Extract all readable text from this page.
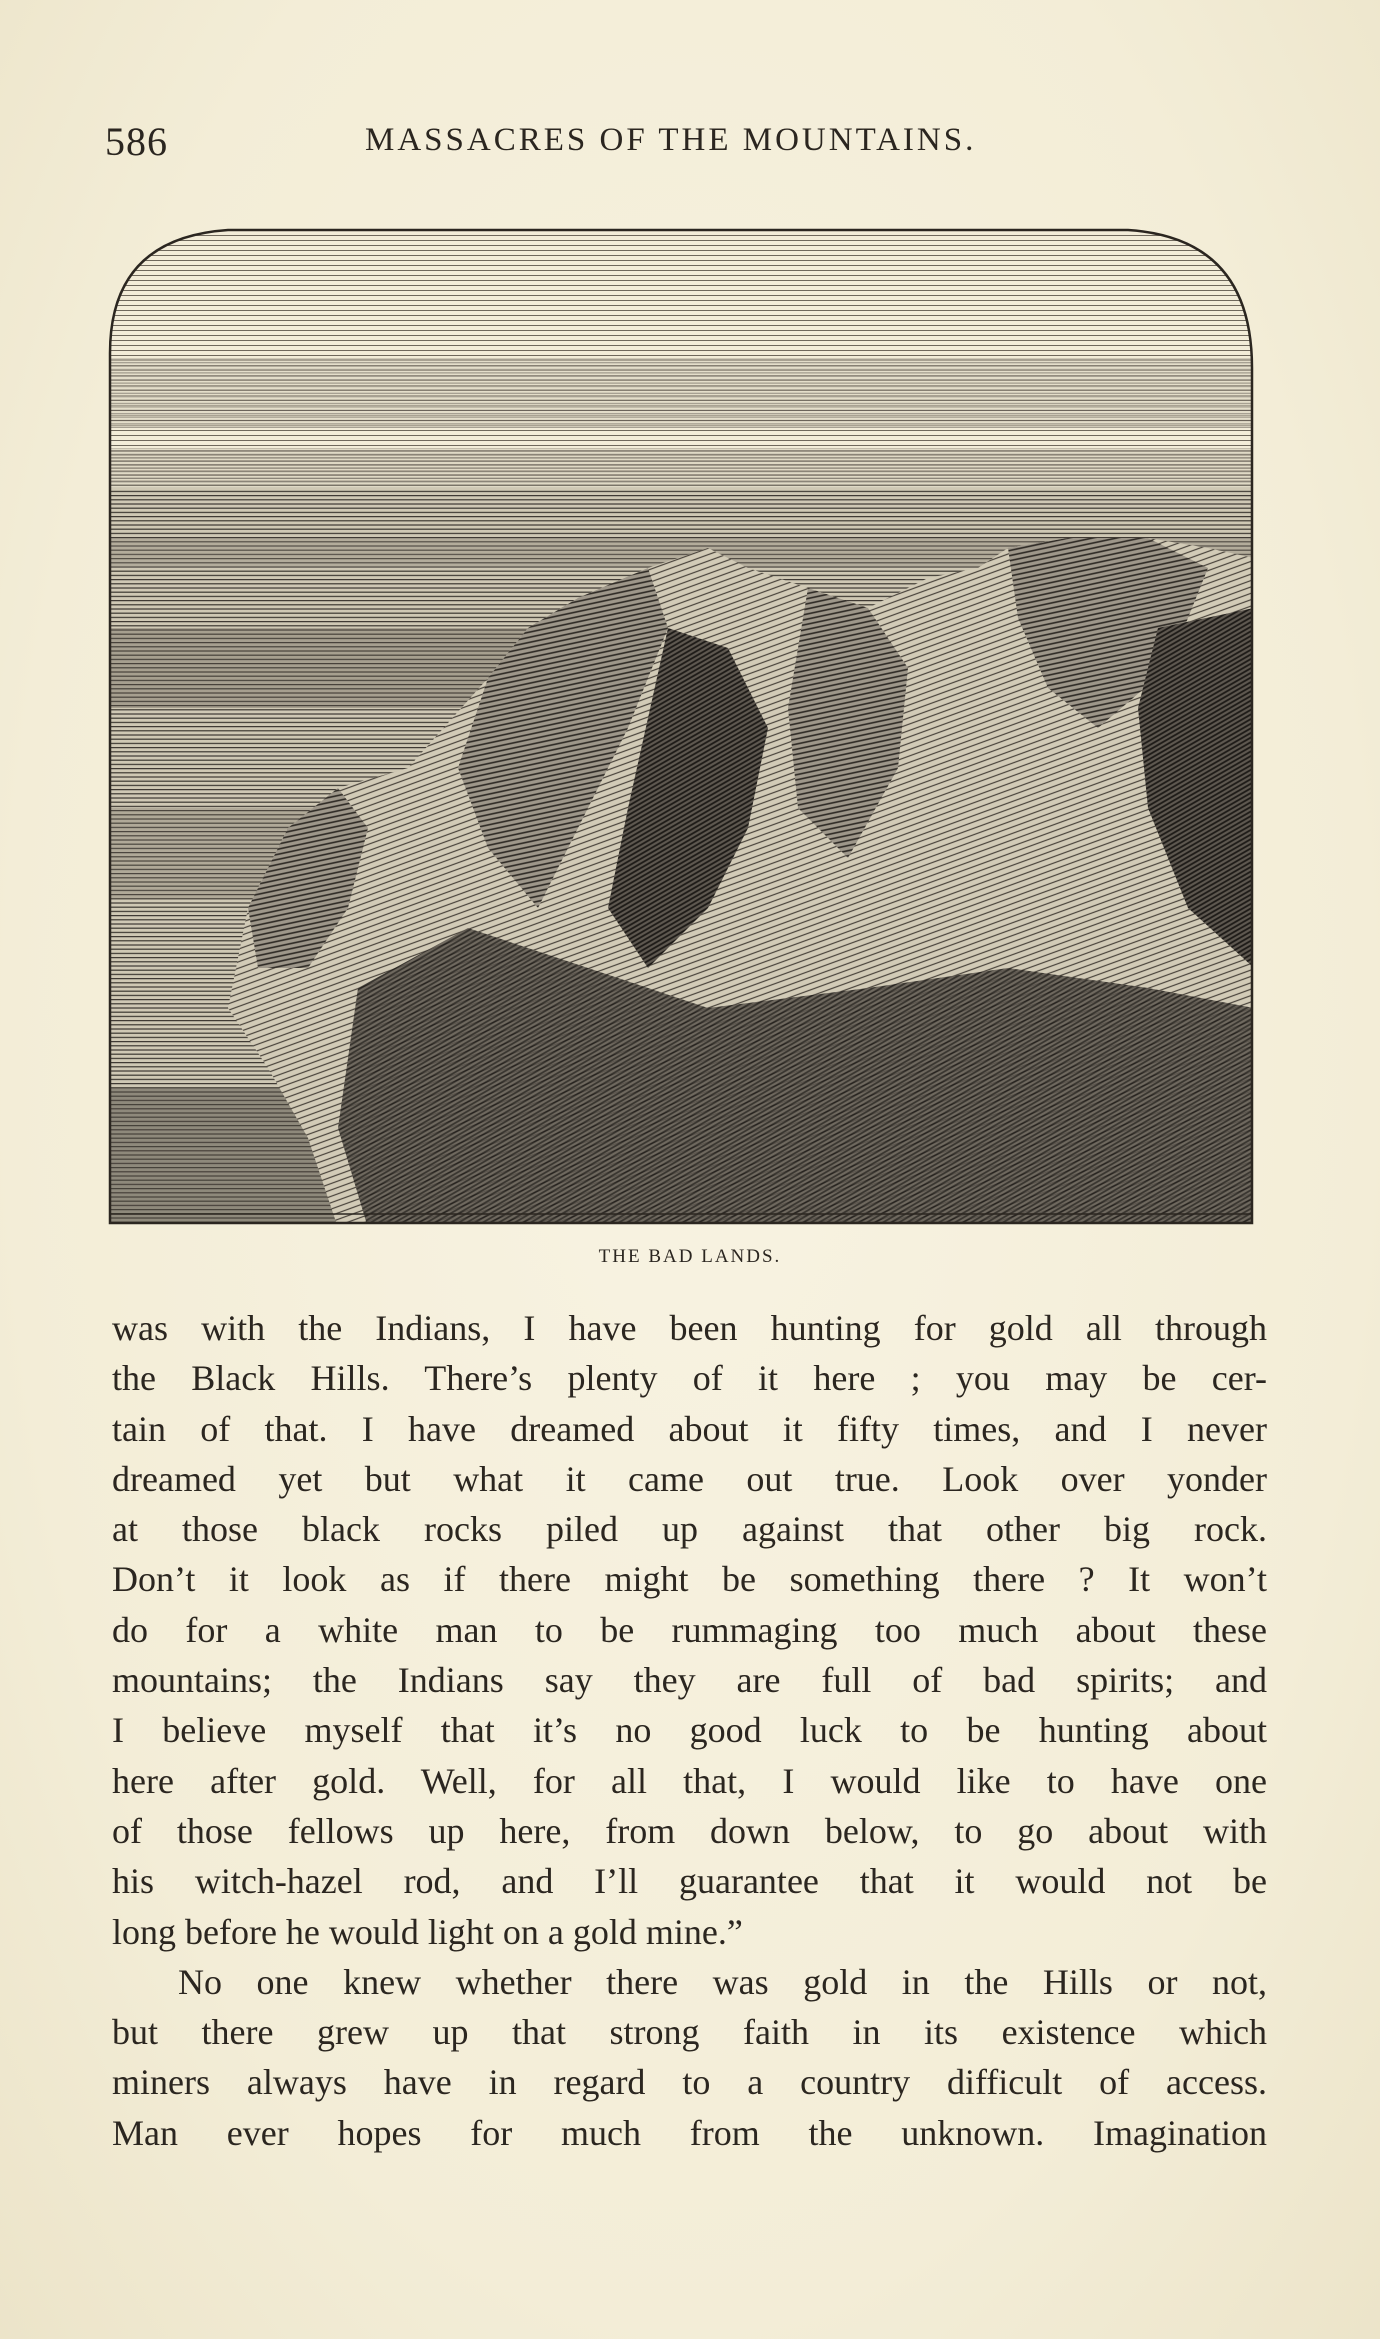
586	MASSACRES OF THE MOUNTAINS.
THE BAD LANDS.
was with the Indians, I have been hunting for gold all through
the Black Hills. There’s plenty of it here ; you may be cer-
tain of that. I have dreamed about it fifty times, and I never
dreamed yet but what it came out true. Look over yonder
at those black rocks piled up against that other big rock.
Don’t it look as if there might be something there ? It won’t
do for a white man to be rummaging too much about these
mountains; the Indians say they are full of bad spirits; and
I believe myself that it’s no good luck to be hunting about
here after gold. Well, for all that, I would like to have one
of those fellows up here, from down below, to go about with
his witch-hazel rod, and I’ll guarantee that it would not be
long before he would light on a gold mine.”
No one knew whether there was gold in the Hills or not,
but there grew up that strong faith in its existence which
miners always have in regard to a country difficult of access.
Man ever hopes for much from the unknown. Imagination
